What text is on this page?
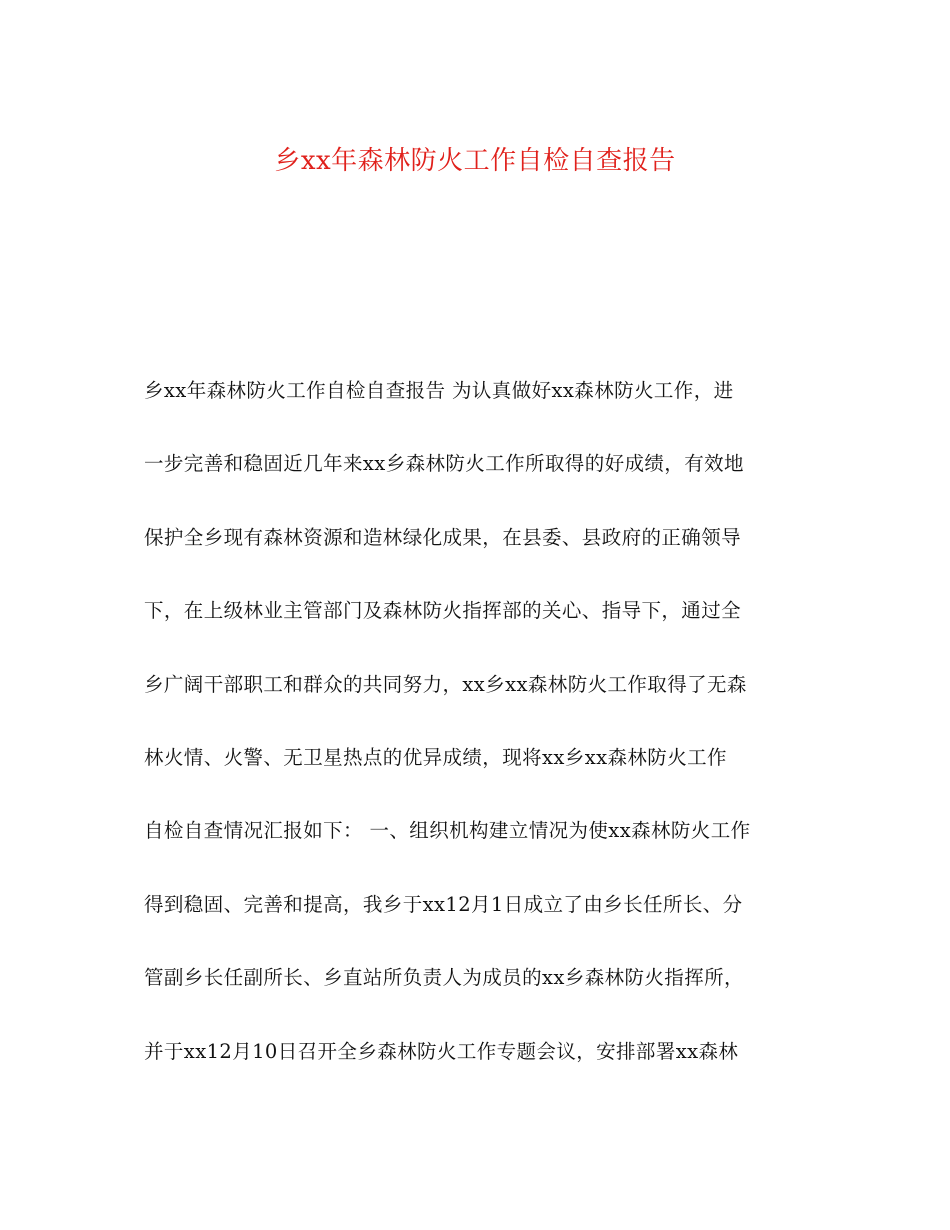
乡xx年森林防火工作自检自查报告
乡xx年森林防火工作自检自查报告 为认真做好xx森林防火工作，进
一步完善和稳固近几年来xx乡森林防火工作所取得的好成绩，有效地
保护全乡现有森林资源和造林绿化成果，在县委、县政府的正确领导
下，在上级林业主管部门及森林防火指挥部的关心、指导下，通过全
乡广阔干部职工和群众的共同努力，xx乡xx森林防火工作取得了无森
林火情、火警、无卫星热点的优异成绩，现将xx乡xx森林防火工作
自检自查情况汇报如下： 一、组织机构建立情况为使xx森林防火工作
得到稳固、完善和提高，我乡于xx12月1日成立了由乡长任所长、分
管副乡长任副所长、乡直站所负责人为成员的xx乡森林防火指挥所，
并于xx12月10日召开全乡森林防火工作专题会议，安排部署xx森林
